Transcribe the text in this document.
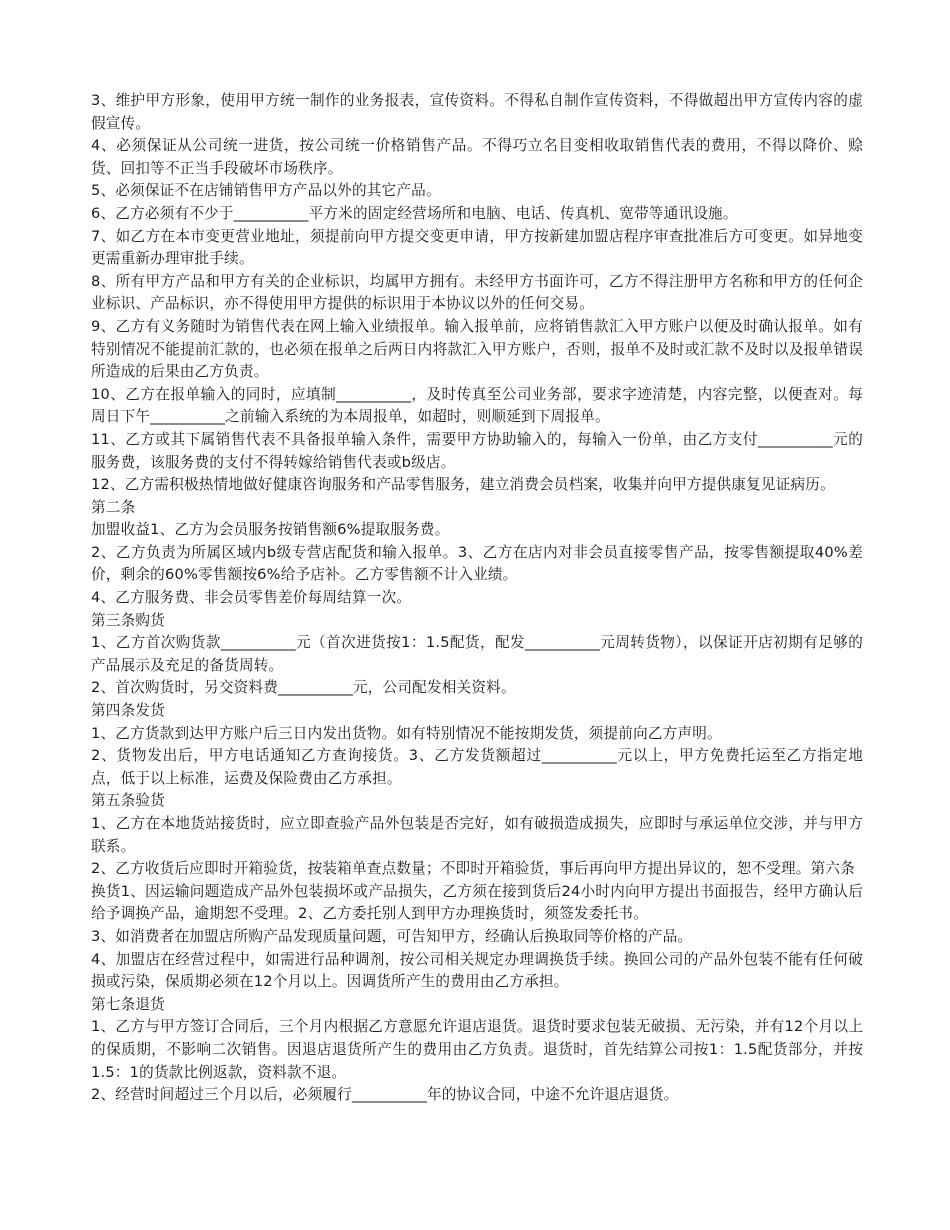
3、维护甲方形象，使用甲方统一制作的业务报表，宣传资料。不得私自制作宣传资料，不得做超出甲方宣传内容的虚假宣传。

4、必须保证从公司统一进货，按公司统一价格销售产品。不得巧立名目变相收取销售代表的费用，不得以降价、赊货、回扣等不正当手段破坏市场秩序。

5、必须保证不在店铺销售甲方产品以外的其它产品。

6、乙方必须有不少于__________平方米的固定经营场所和电脑、电话、传真机、宽带等通讯设施。

7、如乙方在本市变更营业地址，须提前向甲方提交变更申请，甲方按新建加盟店程序审查批准后方可变更。如异地变更需重新办理审批手续。

8、所有甲方产品和甲方有关的企业标识，均属甲方拥有。未经甲方书面许可，乙方不得注册甲方名称和甲方的任何企业标识、产品标识，亦不得使用甲方提供的标识用于本协议以外的任何交易。

9、乙方有义务随时为销售代表在网上输入业绩报单。输入报单前，应将销售款汇入甲方账户以便及时确认报单。如有特别情况不能提前汇款的，也必须在报单之后两日内将款汇入甲方账户，否则，报单不及时或汇款不及时以及报单错误所造成的后果由乙方负责。

10、乙方在报单输入的同时，应填制__________，及时传真至公司业务部，要求字迹清楚，内容完整，以便查对。每周日下午__________之前输入系统的为本周报单，如超时，则顺延到下周报单。

11、乙方或其下属销售代表不具备报单输入条件，需要甲方协助输入的，每输入一份单，由乙方支付__________元的服务费，该服务费的支付不得转嫁给销售代表或b级店。

12、乙方需积极热情地做好健康咨询服务和产品零售服务，建立消费会员档案，收集并向甲方提供康复见证病历。

第二条

加盟收益1、乙方为会员服务按销售额6%提取服务费。

2、乙方负责为所属区域内b级专营店配货和输入报单。3、乙方在店内对非会员直接零售产品，按零售额提取40%差价，剩余的60%零售额按6%给予店补。乙方零售额不计入业绩。

4、乙方服务费、非会员零售差价每周结算一次。

第三条购货

1、乙方首次购货款__________元（首次进货按1：1.5配货，配发__________元周转货物），以保证开店初期有足够的产品展示及充足的备货周转。

2、首次购货时，另交资料费__________元，公司配发相关资料。

第四条发货

1、乙方货款到达甲方账户后三日内发出货物。如有特别情况不能按期发货，须提前向乙方声明。

2、货物发出后，甲方电话通知乙方查询接货。3、乙方发货额超过__________元以上，甲方免费托运至乙方指定地点，低于以上标准，运费及保险费由乙方承担。

第五条验货

1、乙方在本地货站接货时，应立即查验产品外包装是否完好，如有破损造成损失，应即时与承运单位交涉，并与甲方联系。

2、乙方收货后应即时开箱验货，按装箱单查点数量；不即时开箱验货，事后再向甲方提出异议的，恕不受理。第六条

换货1、因运输问题造成产品外包装损坏或产品损失，乙方须在接到货后24小时内向甲方提出书面报告，经甲方确认后给予调换产品，逾期恕不受理。2、乙方委托别人到甲方办理换货时，须签发委托书。

3、如消费者在加盟店所购产品发现质量问题，可告知甲方，经确认后换取同等价格的产品。

4、加盟店在经营过程中，如需进行品种调剂，按公司相关规定办理调换货手续。换回公司的产品外包装不能有任何破损或污染，保质期必须在12个月以上。因调货所产生的费用由乙方承担。

第七条退货

1、乙方与甲方签订合同后，三个月内根据乙方意愿允许退店退货。退货时要求包装无破损、无污染，并有12个月以上的保质期，不影响二次销售。因退店退货所产生的费用由乙方负责。退货时，首先结算公司按1：1.5配货部分，并按1.5：1的货款比例返款，资料款不退。

2、经营时间超过三个月以后，必须履行__________年的协议合同，中途不允许退店退货。
